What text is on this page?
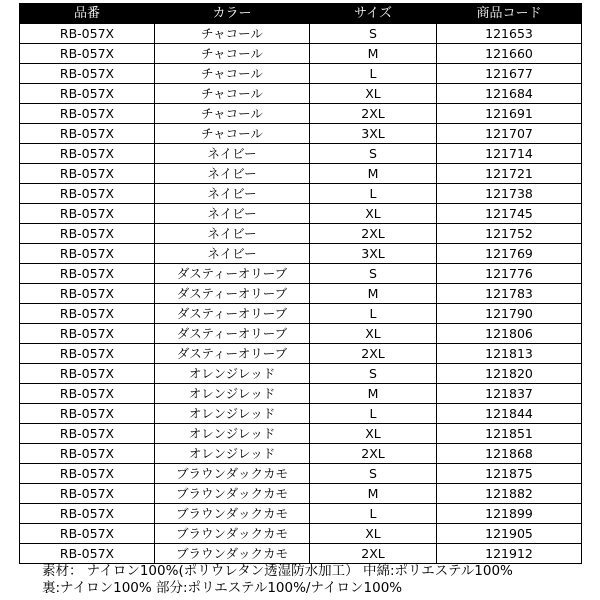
品番	カラー	サイズ	商品コード
RB-057X	チャコール	S	121653
RB-057X	チャコール	M	121660
RB-057X	チャコール	L	121677
RB-057X	チャコール	XL	121684
RB-057X	チャコール	2XL	121691
RB-057X	チャコール	3XL	121707
RB-057X	ネイビー	S	121714
RB-057X	ネイビー	M	121721
RB-057X	ネイビー	L	121738
RB-057X	ネイビー	XL	121745
RB-057X	ネイビー	2XL	121752
RB-057X	ネイビー	3XL	121769
RB-057X	ダスティーオリーブ	S	121776
RB-057X	ダスティーオリーブ	M	121783
RB-057X	ダスティーオリーブ	L	121790
RB-057X	ダスティーオリーブ	XL	121806
RB-057X	ダスティーオリーブ	2XL	121813
RB-057X	オレンジレッド	S	121820
RB-057X	オレンジレッド	M	121837
RB-057X	オレンジレッド	L	121844
RB-057X	オレンジレッド	XL	121851
RB-057X	オレンジレッド	2XL	121868
RB-057X	ブラウンダックカモ	S	121875
RB-057X	ブラウンダックカモ	M	121882
RB-057X	ブラウンダックカモ	L	121899
RB-057X	ブラウンダックカモ	XL	121905
RB-057X	ブラウンダックカモ	2XL	121912
素材： ナイロン100%(ポリウレタン透湿防水加工） 中綿:ポリエステル100%
裏:ナイロン100% 部分:ポリエステル100%/ナイロン100%
